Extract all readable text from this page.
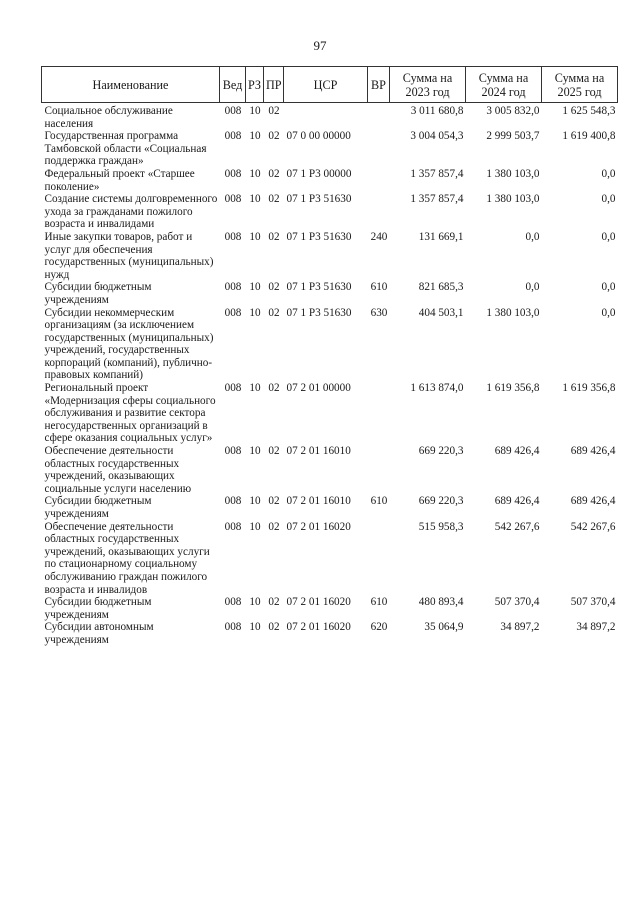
97
Наименование	Вед	РЗ	ПР	ЦСР	ВР	Сумма на 2023 год	Сумма на 2024 год	Сумма на 2025 год
Социальное обслуживание населения	008	10	02			3 011 680,8	3 005 832,0	1 625 548,3
Государственная программа Тамбовской области «Социальная поддержка граждан»	008	10	02	07 0 00 00000		3 004 054,3	2 999 503,7	1 619 400,8
Федеральный проект «Старшее поколение»	008	10	02	07 1 P3 00000		1 357 857,4	1 380 103,0	0,0
Создание системы долговременного ухода за гражданами пожилого возраста и инвалидами	008	10	02	07 1 P3 51630		1 357 857,4	1 380 103,0	0,0
Иные закупки товаров, работ и услуг для обеспечения государственных (муниципальных) нужд	008	10	02	07 1 P3 51630	240	131 669,1	0,0	0,0
Субсидии бюджетным учреждениям	008	10	02	07 1 P3 51630	610	821 685,3	0,0	0,0
Субсидии некоммерческим организациям (за исключением государственных (муниципальных) учреждений, государственных корпораций (компаний), публично-правовых компаний)	008	10	02	07 1 P3 51630	630	404 503,1	1 380 103,0	0,0
Региональный проект «Модернизация сферы социального обслуживания и развитие сектора негосударственных организаций в сфере оказания социальных услуг»	008	10	02	07 2 01 00000		1 613 874,0	1 619 356,8	1 619 356,8
Обеспечение деятельности областных государственных учреждений, оказывающих социальные услуги населению	008	10	02	07 2 01 16010		669 220,3	689 426,4	689 426,4
Субсидии бюджетным учреждениям	008	10	02	07 2 01 16010	610	669 220,3	689 426,4	689 426,4
Обеспечение деятельности областных государственных учреждений, оказывающих услуги по стационарному социальному обслуживанию граждан пожилого возраста и инвалидов	008	10	02	07 2 01 16020		515 958,3	542 267,6	542 267,6
Субсидии бюджетным учреждениям	008	10	02	07 2 01 16020	610	480 893,4	507 370,4	507 370,4
Субсидии автономным учреждениям	008	10	02	07 2 01 16020	620	35 064,9	34 897,2	34 897,2
